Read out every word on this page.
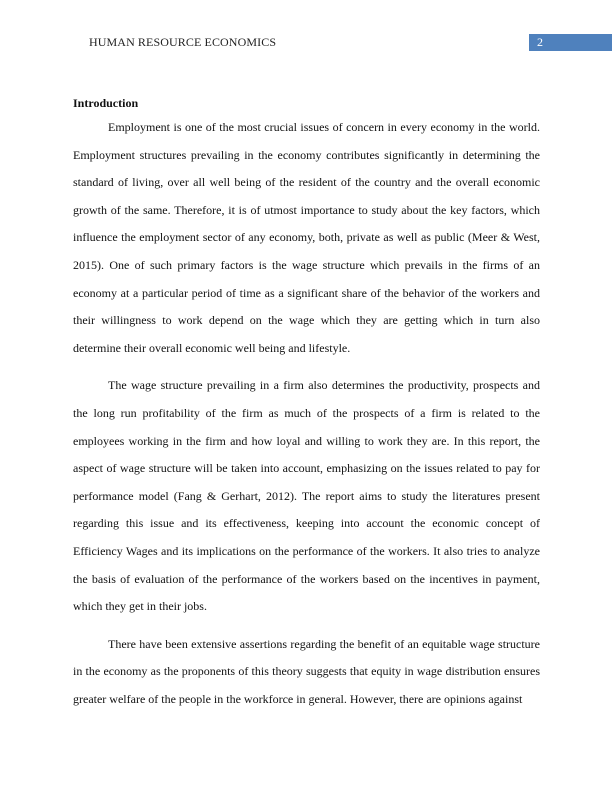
HUMAN RESOURCE ECONOMICS	2

Introduction

Employment is one of the most crucial issues of concern in every economy in the world. Employment structures prevailing in the economy contributes significantly in determining the standard of living, over all well being of the resident of the country and the overall economic growth of the same. Therefore, it is of utmost importance to study about the key factors, which influence the employment sector of any economy, both, private as well as public (Meer & West, 2015). One of such primary factors is the wage structure which prevails in the firms of an economy at a particular period of time as a significant share of the behavior of the workers and their willingness to work depend on the wage which they are getting which in turn also determine their overall economic well being and lifestyle.

The wage structure prevailing in a firm also determines the productivity, prospects and the long run profitability of the firm as much of the prospects of a firm is related to the employees working in the firm and how loyal and willing to work they are. In this report, the aspect of wage structure will be taken into account, emphasizing on the issues related to pay for performance model (Fang & Gerhart, 2012). The report aims to study the literatures present regarding this issue and its effectiveness, keeping into account the economic concept of Efficiency Wages and its implications on the performance of the workers. It also tries to analyze the basis of evaluation of the performance of the workers based on the incentives in payment, which they get in their jobs.

There have been extensive assertions regarding the benefit of an equitable wage structure in the economy as the proponents of this theory suggests that equity in wage distribution ensures greater welfare of the people in the workforce in general. However, there are opinions against
